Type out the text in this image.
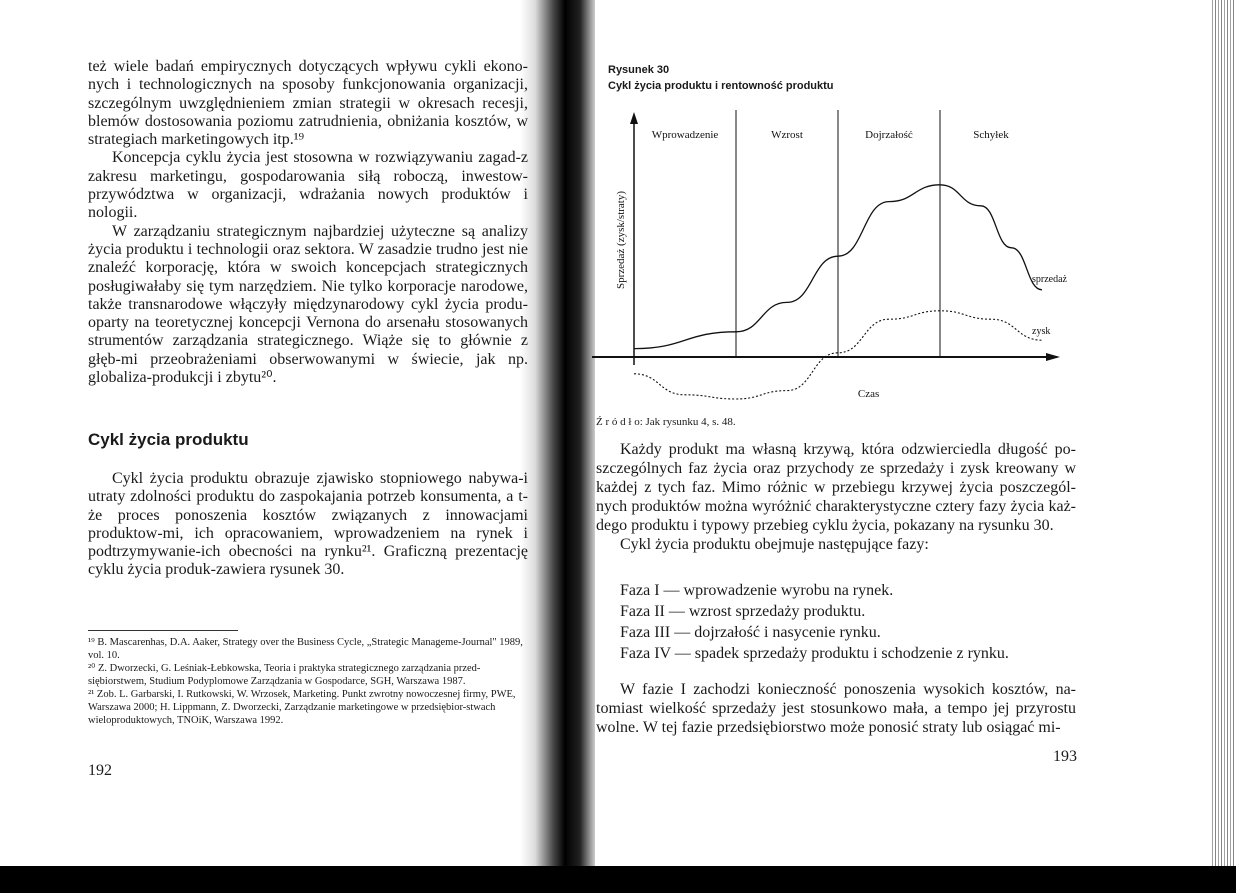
też wiele badań empirycznych dotyczących wpływu cykli ekono-nych i technologicznych na sposoby funkcjonowania organizacji, szczególnym uwzględnieniem zmian strategii w okresach recesji, blemów dostosowania poziomu zatrudnienia, obniżania kosztów, w strategiach marketingowych itp.¹⁹

Koncepcja cyklu życia jest stosowna w rozwiązywaniu zagad-z zakresu marketingu, gospodarowania siłą roboczą, inwestow-przywództwa w organizacji, wdrażania nowych produktów i nologii.

W zarządzaniu strategicznym najbardziej użyteczne są analizy życia produktu i technologii oraz sektora. W zasadzie trudno jest nie znaleźć korporację, która w swoich koncepcjach strategicznych posługiwałaby się tym narzędziem. Nie tylko korporacje narodowe, także transnarodowe włączyły międzynarodowy cykl życia produ-oparty na teoretycznej koncepcji Vernona do arsenału stosowanych strumentów zarządzania strategicznego. Wiąże się to głównie z głęb-mi przeobrażeniami obserwowanymi w świecie, jak np. globaliza-produkcji i zbytu²⁰.

Cykl życia produktu

Cykl życia produktu obrazuje zjawisko stopniowego nabywa-i utraty zdolności produktu do zaspokajania potrzeb konsumenta, a t-że proces ponoszenia kosztów związanych z innowacjami produktow-mi, ich opracowaniem, wprowadzeniem na rynek i podtrzymywanie-ich obecności na rynku²¹. Graficzną prezentację cyklu życia produk-zawiera rysunek 30.

¹⁹ B. Mascarenhas, D.A. Aaker, Strategy over the Business Cycle, „Strategic Manageme-Journal" 1989, vol. 10.

²⁰ Z. Dworzecki, G. Leśniak-Łebkowska, Teoria i praktyka strategicznego zarządzania przed-siębiorstwem, Studium Podyplomowe Zarządzania w Gospodarce, SGH, Warszawa 1987.

²¹ Zob. L. Garbarski, I. Rutkowski, W. Wrzosek, Marketing. Punkt zwrotny nowoczesnej firmy, PWE, Warszawa 2000; H. Lippmann, Z. Dworzecki, Zarządzanie marketingowe w przedsiębior-stwach wieloproduktowych, TNOiK, Warszawa 1992.

192
Rysunek 30
Cykl życia produktu i rentowność produktu
Wprowadzenie	Wzrost	Dojrzałość	Schyłek
sprzedaż
zysk
Czas
Sprzedaż (zysk/straty)
Ź r ó d ł o: Jak rysunku 4, s. 48.

Każdy produkt ma własną krzywą, która odzwierciedla długość po-szczególnych faz życia oraz przychody ze sprzedaży i zysk kreowany w każdej z tych faz. Mimo różnic w przebiegu krzywej życia poszczegól-nych produktów można wyróżnić charakterystyczne cztery fazy życia każ-dego produktu i typowy przebieg cyklu życia, pokazany na rysunku 30.

Cykl życia produktu obejmuje następujące fazy:

Faza I — wprowadzenie wyrobu na rynek.
Faza II — wzrost sprzedaży produktu.
Faza III — dojrzałość i nasycenie rynku.
Faza IV — spadek sprzedaży produktu i schodzenie z rynku.

W fazie I zachodzi konieczność ponoszenia wysokich kosztów, na-tomiast wielkość sprzedaży jest stosunkowo mała, a tempo jej przyrostu wolne. W tej fazie przedsiębiorstwo może ponosić straty lub osiągać mi-

193
